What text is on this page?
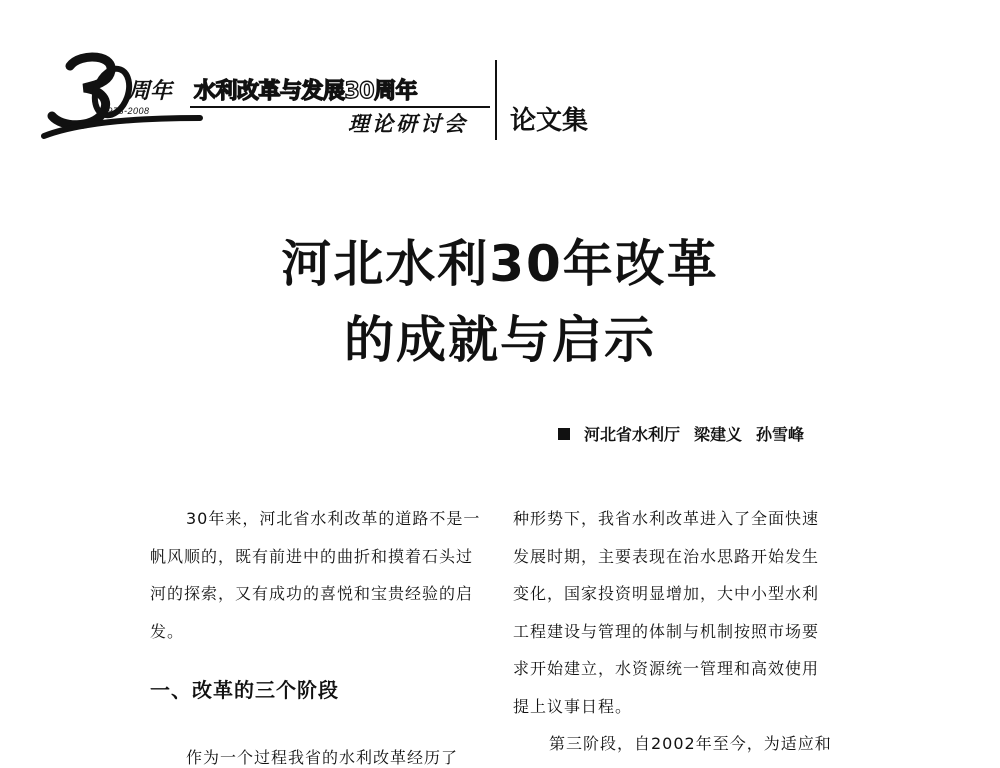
周年
1978-2008
水利改革与发展30周年
理论研讨会 论文集
河北水利30年改革
的成就与启示
河北省水利厅 梁建义 孙雪峰

30年来，河北省水利改革的道路不是一

帆风顺的，既有前进中的曲折和摸着石头过

河的探索，又有成功的喜悦和宝贵经验的启

发。

一、改革的三个阶段
作为一个过程我省的水利改革经历了

种形势下，我省水利改革进入了全面快速

发展时期，主要表现在治水思路开始发生

变化，国家投资明显增加，大中小型水利

工程建设与管理的体制与机制按照市场要

求开始建立，水资源统一管理和高效使用

提上议事日程。

第三阶段，自2002年至今，为适应和
